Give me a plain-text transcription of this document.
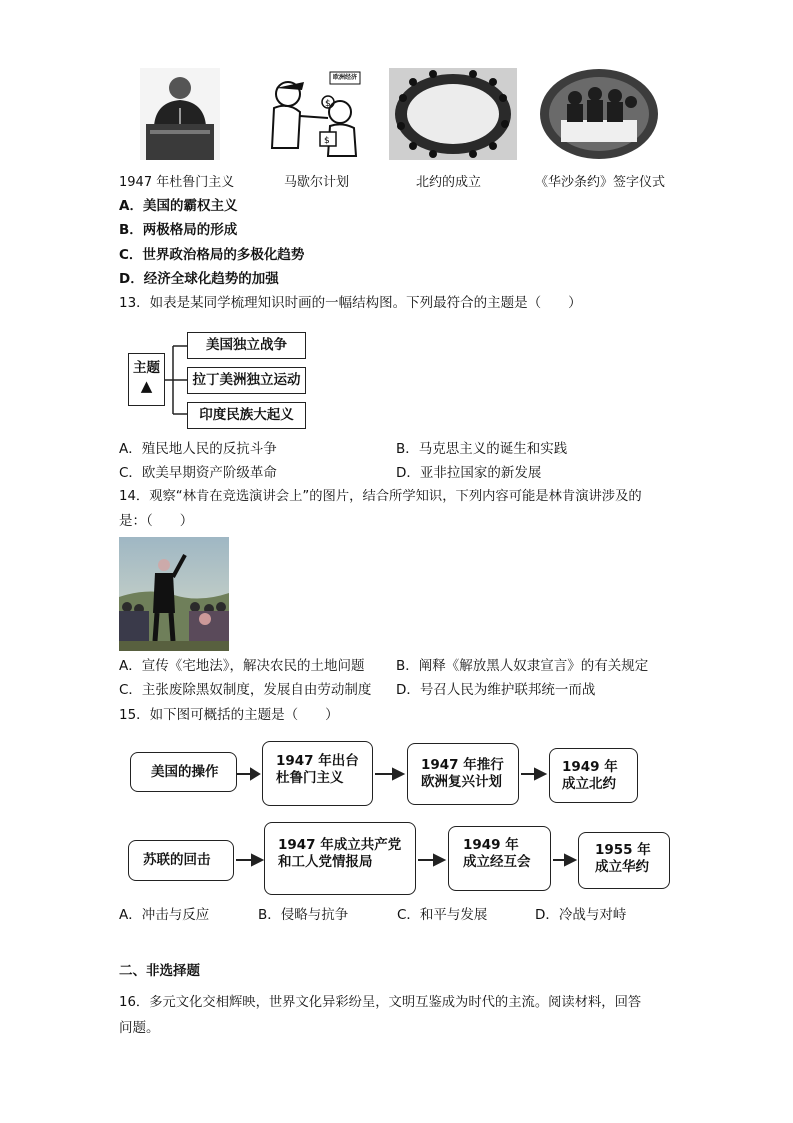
$
$
欧洲经济
1947 年杜鲁门主义	马歇尔计划	北约的成立	《华沙条约》签字仪式
A．美国的霸权主义
B．两极格局的形成
C．世界政治格局的多极化趋势
D．经济全球化趋势的加强
13．如表是某同学梳理知识时画的一幅结构图。下列最符合的主题是（　　）
主题
▲
美国独立战争
拉丁美洲独立运动
印度民族大起义
A．殖民地人民的反抗斗争	B．马克思主义的诞生和实践
C．欧美早期资产阶级革命	D．亚非拉国家的新发展
14．观察“林肯在竞选演讲会上”的图片，结合所学知识，下列内容可能是林肯演讲涉及的
是：（　　）
A．宣传《宅地法》，解决农民的土地问题 B．阐释《解放黑人奴隶宣言》的有关规定
C．主张废除黑奴制度，发展自由劳动制度 D．号召人民为维护联邦统一而战
15．如下图可概括的主题是（　　）
美国的操作
1947 年出台
杜鲁门主义
1947 年推行
欧洲复兴计划
1949 年
成立北约
苏联的回击
1947 年成立共产党
和工人党情报局
1949 年
成立经互会
1955 年
成立华约
A．冲击与反应	B．侵略与抗争	C．和平与发展	D．冷战与对峙
二、非选择题
16．多元文化交相辉映，世界文化异彩纷呈，文明互鉴成为时代的主流。阅读材料，回答
问题。
